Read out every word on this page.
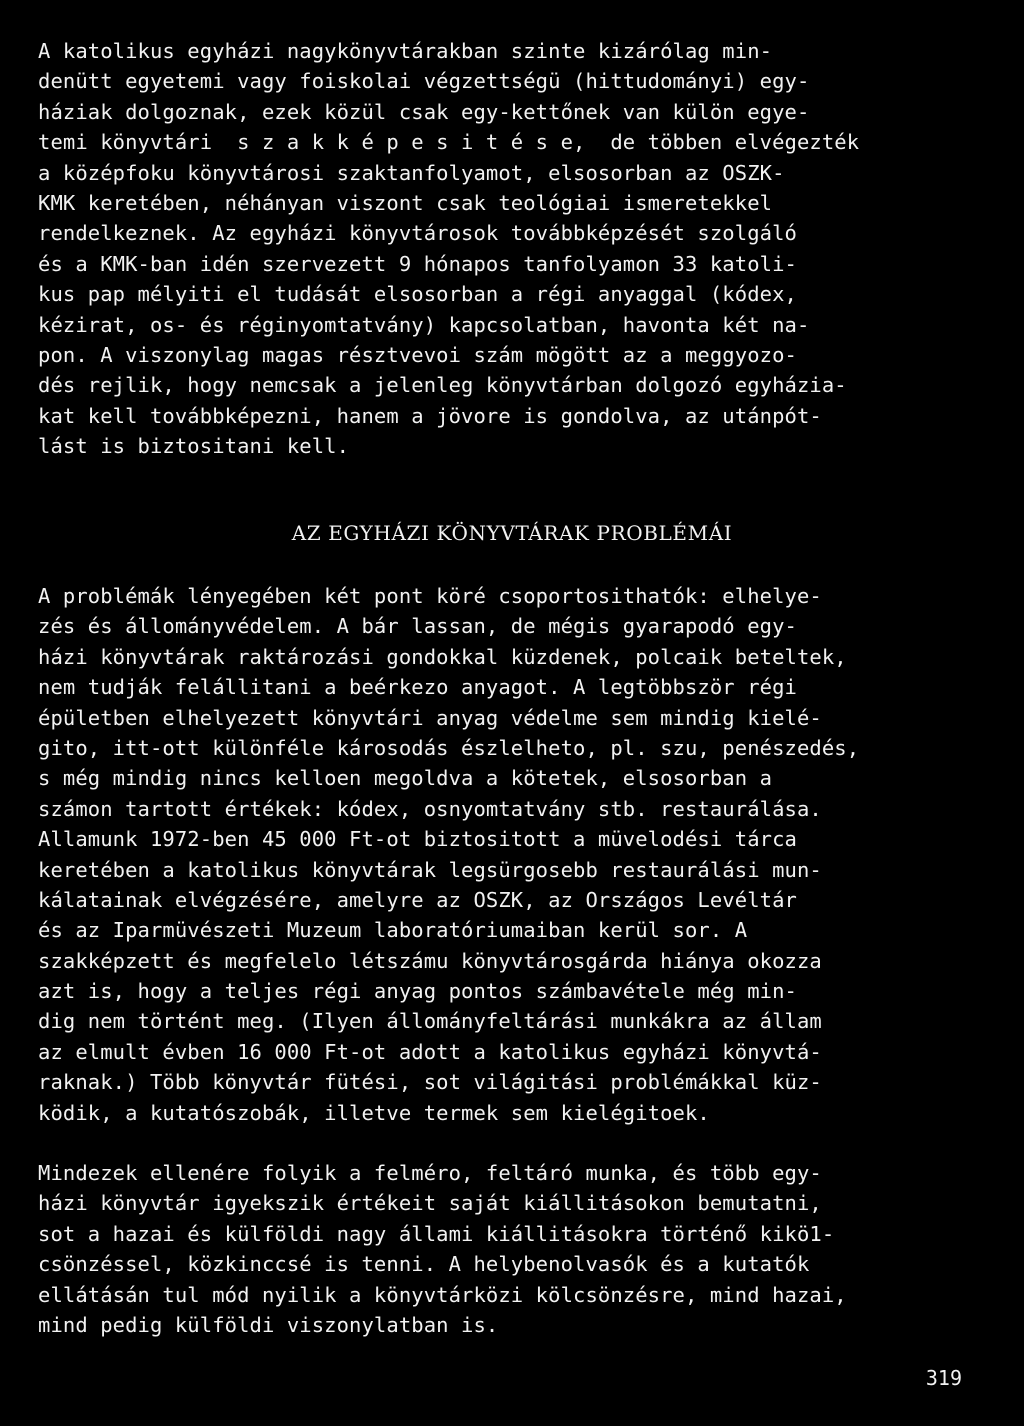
A katolikus egyházi nagykönyvtárakban szinte kizárólag min-
denütt egyetemi vagy foiskolai végzettségü (hittudományi) egy-
háziak dolgoznak, ezek közül csak egy-kettőnek van külön egye-
temi könyvtári  s z a k k é p e s i t é s e,  de többen elvégezték
a középfoku könyvtárosi szaktanfolyamot, elsosorban az OSZK-
KMK keretében, néhányan viszont csak teológiai ismeretekkel
rendelkeznek. Az egyházi könyvtárosok továbbképzését szolgáló
és a KMK-ban idén szervezett 9 hónapos tanfolyamon 33 katoli-
kus pap mélyiti el tudását elsosorban a régi anyaggal (kódex,
kézirat, os- és réginyomtatvány) kapcsolatban, havonta két na-
pon. A viszonylag magas résztvevoi szám mögött az a meggyozo-
dés rejlik, hogy nemcsak a jelenleg könyvtárban dolgozó egyházia-
kat kell továbbképezni, hanem a jövore is gondolva, az utánpót-
lást is biztositani kell.
AZ EGYHÁZI KÖNYVTÁRAK PROBLÉMÁI
A problémák lényegében két pont köré csoportosithatók: elhelye-
zés és állományvédelem. A bár lassan, de mégis gyarapodó egy-
házi könyvtárak raktározási gondokkal küzdenek, polcaik beteltek,
nem tudják felállitani a beérkezo anyagot. A legtöbbször régi
épületben elhelyezett könyvtári anyag védelme sem mindig kielé-
gito, itt-ott különféle károsodás észlelheto, pl. szu, penészedés,
s még mindig nincs kelloen megoldva a kötetek, elsosorban a
számon tartott értékek: kódex, osnyomtatvány stb. restaurálása.
Allamunk 1972-ben 45 000 Ft-ot biztositott a müvelodési tárca
keretében a katolikus könyvtárak legsürgosebb restaurálási mun-
kálatainak elvégzésére, amelyre az OSZK, az Országos Levéltár
és az Iparmüvészeti Muzeum laboratóriumaiban kerül sor. A
szakképzett és megfelelo létszámu könyvtárosgárda hiánya okozza
azt is, hogy a teljes régi anyag pontos számbavétele még min-
dig nem történt meg. (Ilyen állományfeltárási munkákra az állam
az elmult évben 16 000 Ft-ot adott a katolikus egyházi könyvtá-
raknak.) Több könyvtár fütési, sot világitási problémákkal küz-
ködik, a kutatószobák, illetve termek sem kielégitoek.
Mindezek ellenére folyik a felméro, feltáró munka, és több egy-
házi könyvtár igyekszik értékeit saját kiállitásokon bemutatni,
sot a hazai és külföldi nagy állami kiállitásokra történő kikö1-
csönzéssel, közkinccsé is tenni. A helybenolvasók és a kutatók
ellátásán tul mód nyilik a könyvtárközi kölcsönzésre, mind hazai,
mind pedig külföldi viszonylatban is.

319
